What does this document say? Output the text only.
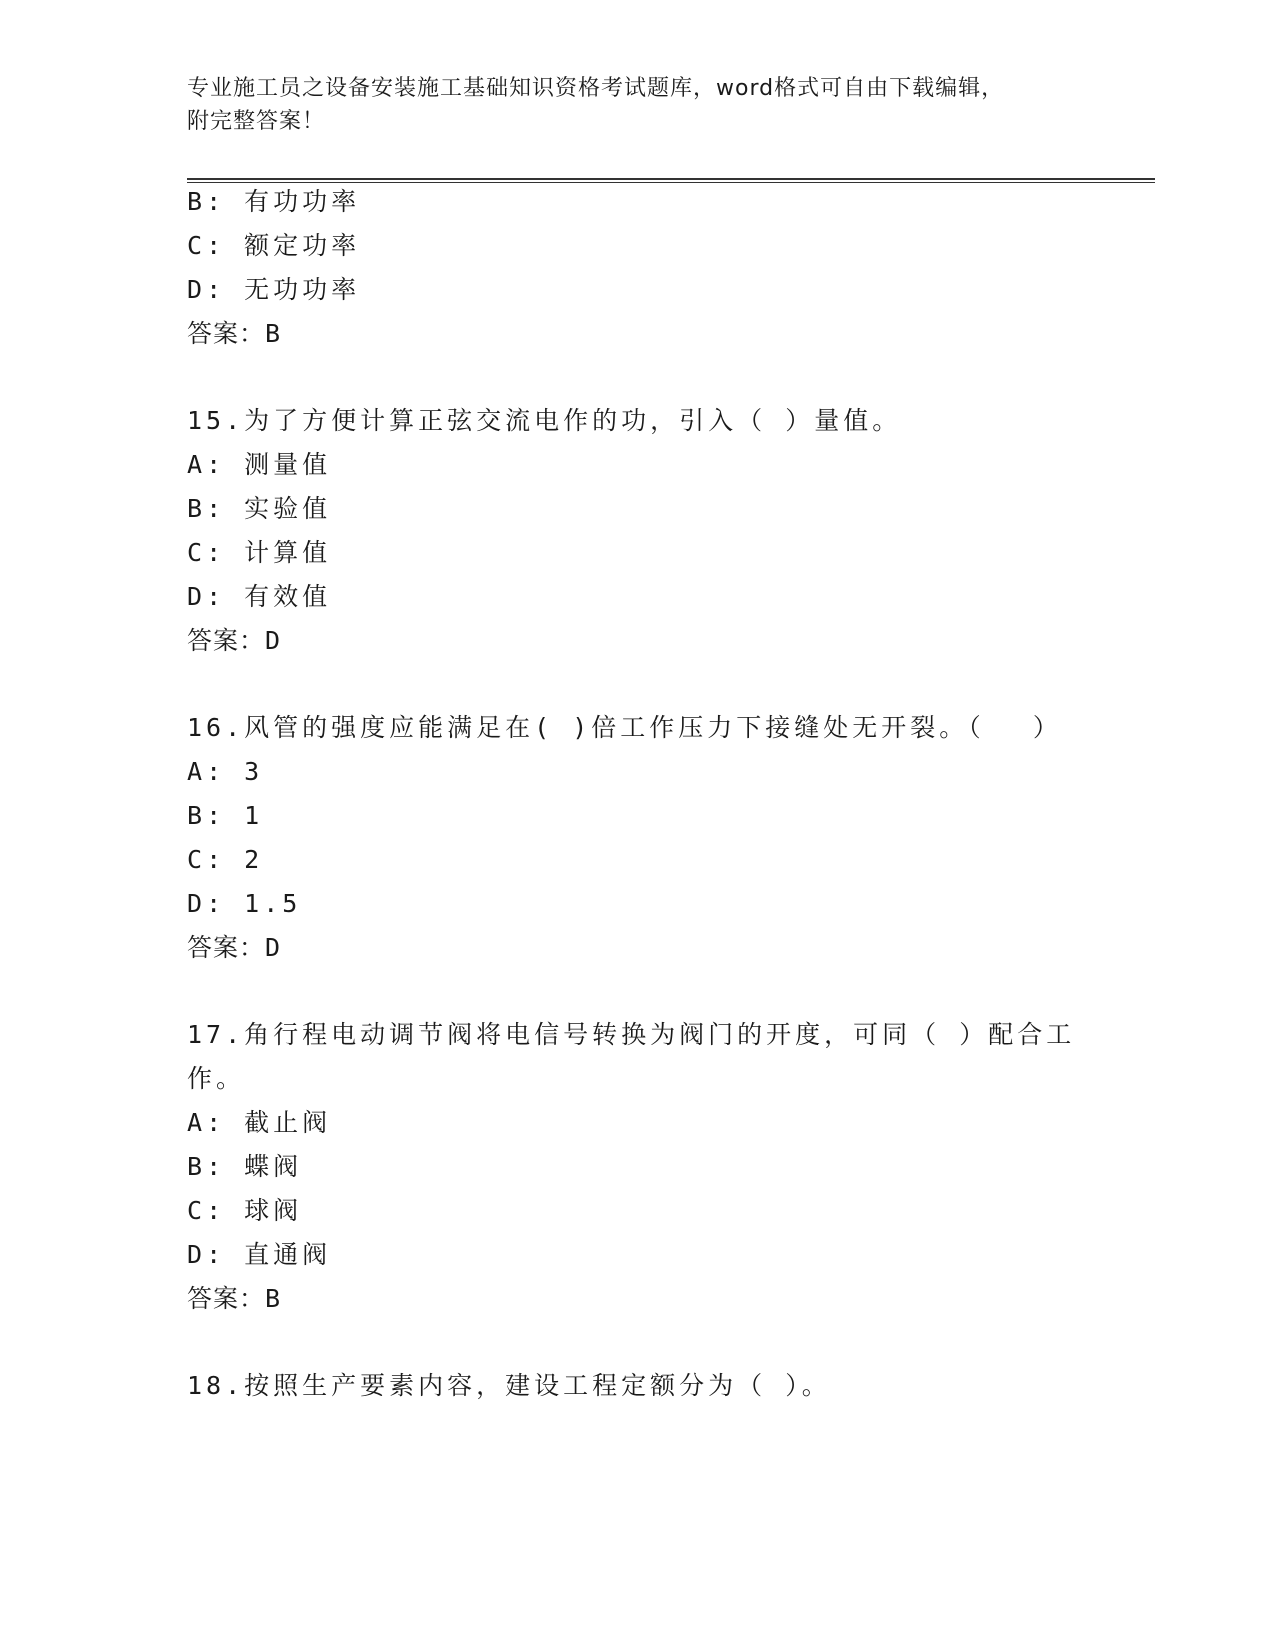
专业施工员之设备安装施工基础知识资格考试题库，word格式可自由下载编辑，
附完整答案！
B: 有功功率
C: 额定功率
D: 无功功率
答案：B
15.为了方便计算正弦交流电作的功，引入（ ）量值。
A: 测量值
B: 实验值
C: 计算值
D: 有效值
答案：D
16.风管的强度应能满足在( )倍工作压力下接缝处无开裂。（　 ）
A: 3
B: 1
C: 2
D: 1.5
答案：D
17.角行程电动调节阀将电信号转换为阀门的开度，可同（ ）配合工
作。
A: 截止阀
B: 蝶阀
C: 球阀
D: 直通阀
答案：B
18.按照生产要素内容，建设工程定额分为（ ）。
